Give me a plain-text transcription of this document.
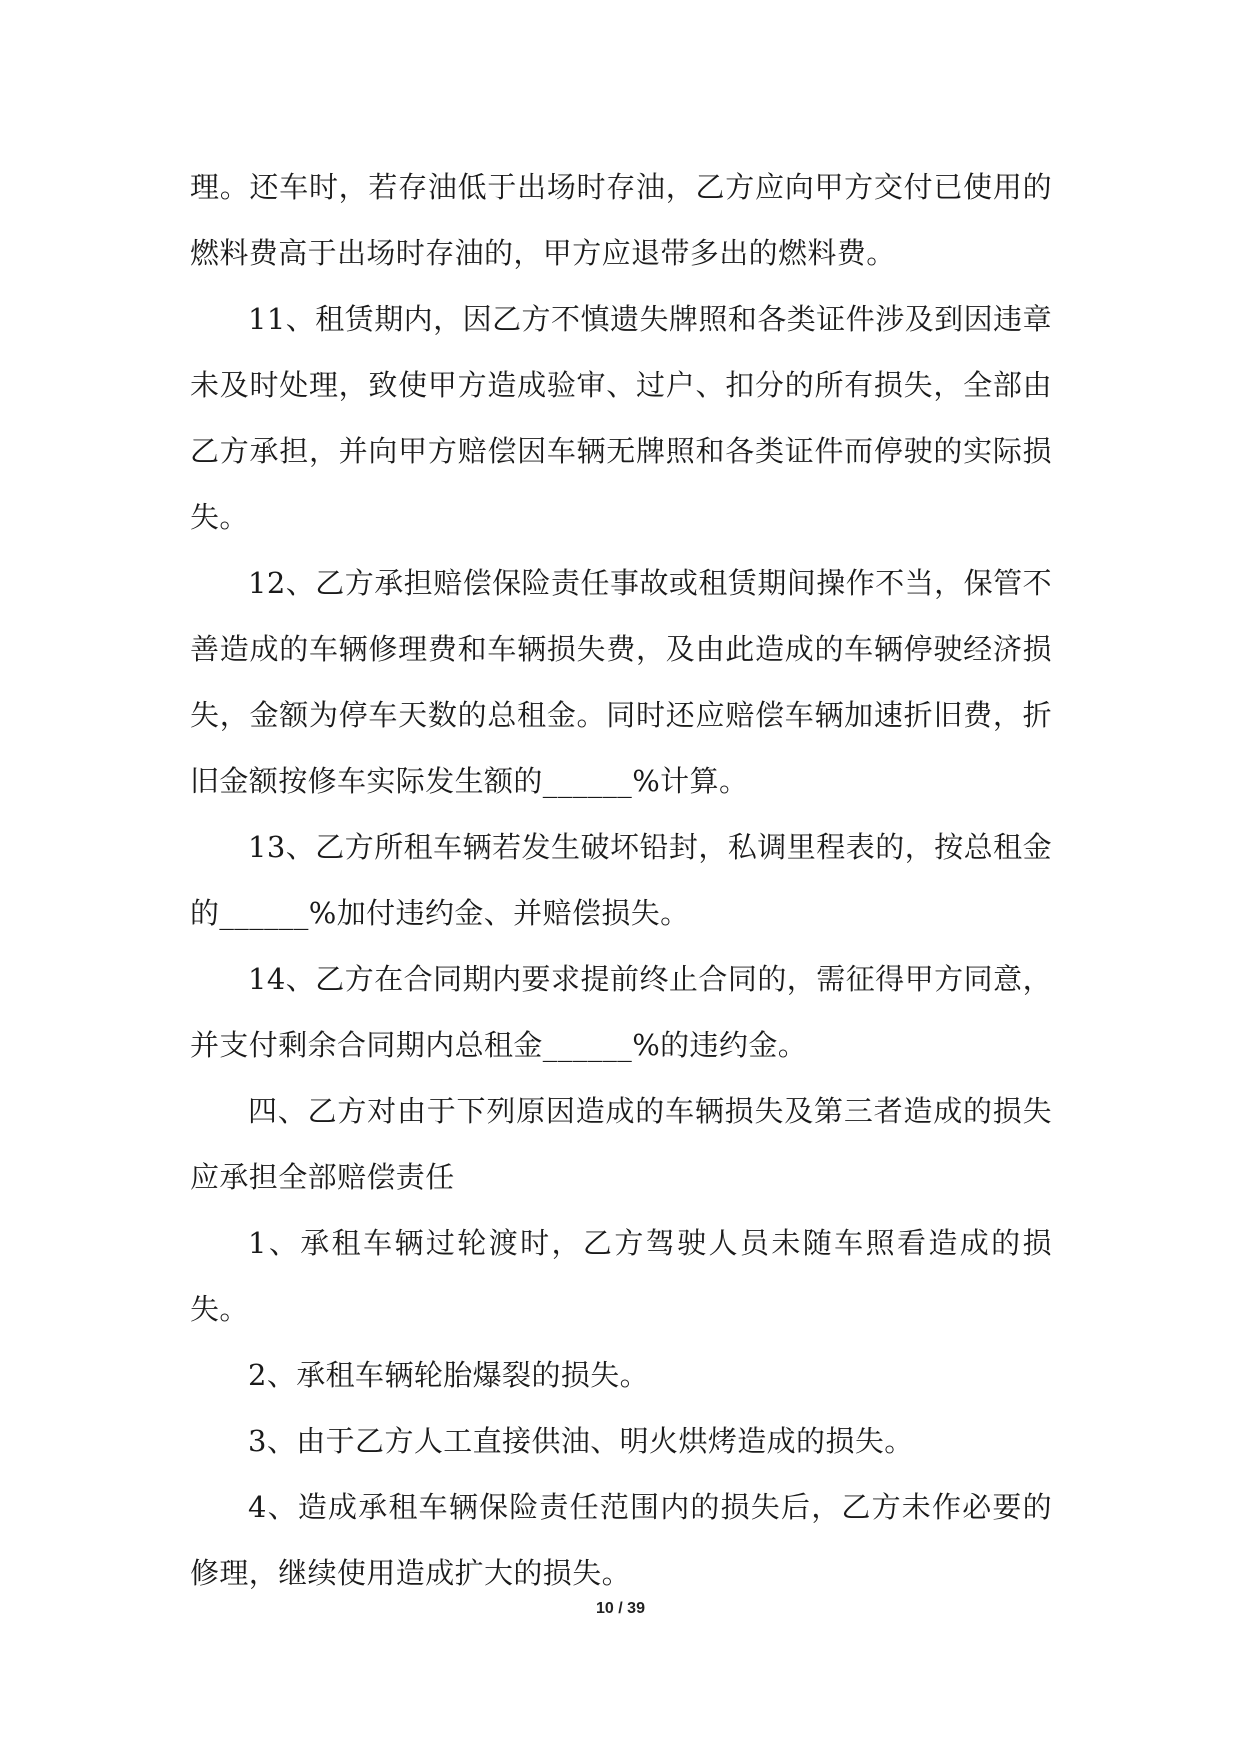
理。还车时，若存油低于出场时存油，乙方应向甲方交付已使用的燃料费高于出场时存油的，甲方应退带多出的燃料费。

11、租赁期内，因乙方不慎遗失牌照和各类证件涉及到因违章未及时处理，致使甲方造成验审、过户、扣分的所有损失，全部由乙方承担，并向甲方赔偿因车辆无牌照和各类证件而停驶的实际损失。

12、乙方承担赔偿保险责任事故或租赁期间操作不当，保管不善造成的车辆修理费和车辆损失费，及由此造成的车辆停驶经济损失，金额为停车天数的总租金。同时还应赔偿车辆加速折旧费，折旧金额按修车实际发生额的______%计算。

13、乙方所租车辆若发生破坏铅封，私调里程表的，按总租金的______%加付违约金、并赔偿损失。

14、乙方在合同期内要求提前终止合同的，需征得甲方同意，并支付剩余合同期内总租金______%的违约金。

四、乙方对由于下列原因造成的车辆损失及第三者造成的损失应承担全部赔偿责任

1、承租车辆过轮渡时，乙方驾驶人员未随车照看造成的损失。

2、承租车辆轮胎爆裂的损失。

3、由于乙方人工直接供油、明火烘烤造成的损失。

4、造成承租车辆保险责任范围内的损失后，乙方未作必要的修理，继续使用造成扩大的损失。

10 / 39
